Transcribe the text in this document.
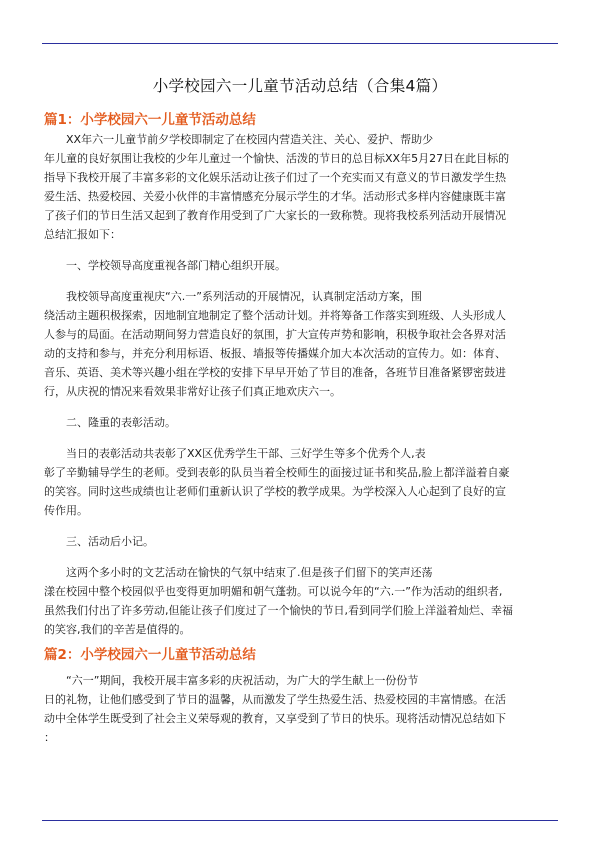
小学校园六一儿童节活动总结（合集4篇）
篇1：小学校园六一儿童节活动总结

XX年六一儿童节前夕学校即制定了在校园内营造关注、关心、爱护、帮助少
年儿童的良好氛围让我校的少年儿童过一个愉快、活泼的节日的总目标XX年5月27日在此目标的
指导下我校开展了丰富多彩的文化娱乐活动让孩子们过了一个充实而又有意义的节日激发学生热
爱生活、热爱校园、关爱小伙伴的丰富情感充分展示学生的才华。活动形式多样内容健康既丰富
了孩子们的节日生活又起到了教育作用受到了广大家长的一致称赞。现将我校系列活动开展情况
总结汇报如下：

一、学校领导高度重视各部门精心组织开展。

我校领导高度重视庆“六.一”系列活动的开展情况，认真制定活动方案，围
绕活动主题积极探索，因地制宜地制定了整个活动计划。并将筹备工作落实到班级、人头形成人
人参与的局面。在活动期间努力营造良好的氛围，扩大宣传声势和影响，积极争取社会各界对活
动的支持和参与，并充分利用标语、板报、墙报等传播媒介加大本次活动的宣传力。如：体育、
音乐、英语、美术等兴趣小组在学校的安排下早早开始了节目的准备，各班节目准备紧锣密鼓进
行，从庆祝的情况来看效果非常好让孩子们真正地欢庆六一。

二、隆重的表彰活动。

当日的表彰活动共表彰了XX区优秀学生干部、三好学生等多个优秀个人,表
彰了辛勤辅导学生的老师。受到表彰的队员当着全校师生的面接过证书和奖品,脸上都洋溢着自豪
的笑容。同时这些成绩也让老师们重新认识了学校的教学成果。为学校深入人心起到了良好的宣
传作用。

三、活动后小记。

这两个多小时的文艺活动在愉快的气氛中结束了.但是孩子们留下的笑声还荡
漾在校园中整个校园似乎也变得更加明媚和朝气蓬勃。可以说今年的“六.一”作为活动的组织者,
虽然我们付出了许多劳动,但能让孩子们度过了一个愉快的节日,看到同学们脸上洋溢着灿烂、幸福
的笑容,我们的辛苦是值得的。

篇2：小学校园六一儿童节活动总结

“六一”期间，我校开展丰富多彩的庆祝活动，为广大的学生献上一份份节
日的礼物，让他们感受到了节日的温馨，从而激发了学生热爱生活、热爱校园的丰富情感。在活
动中全体学生既受到了社会主义荣辱观的教育，又享受到了节日的快乐。现将活动情况总结如下
：
